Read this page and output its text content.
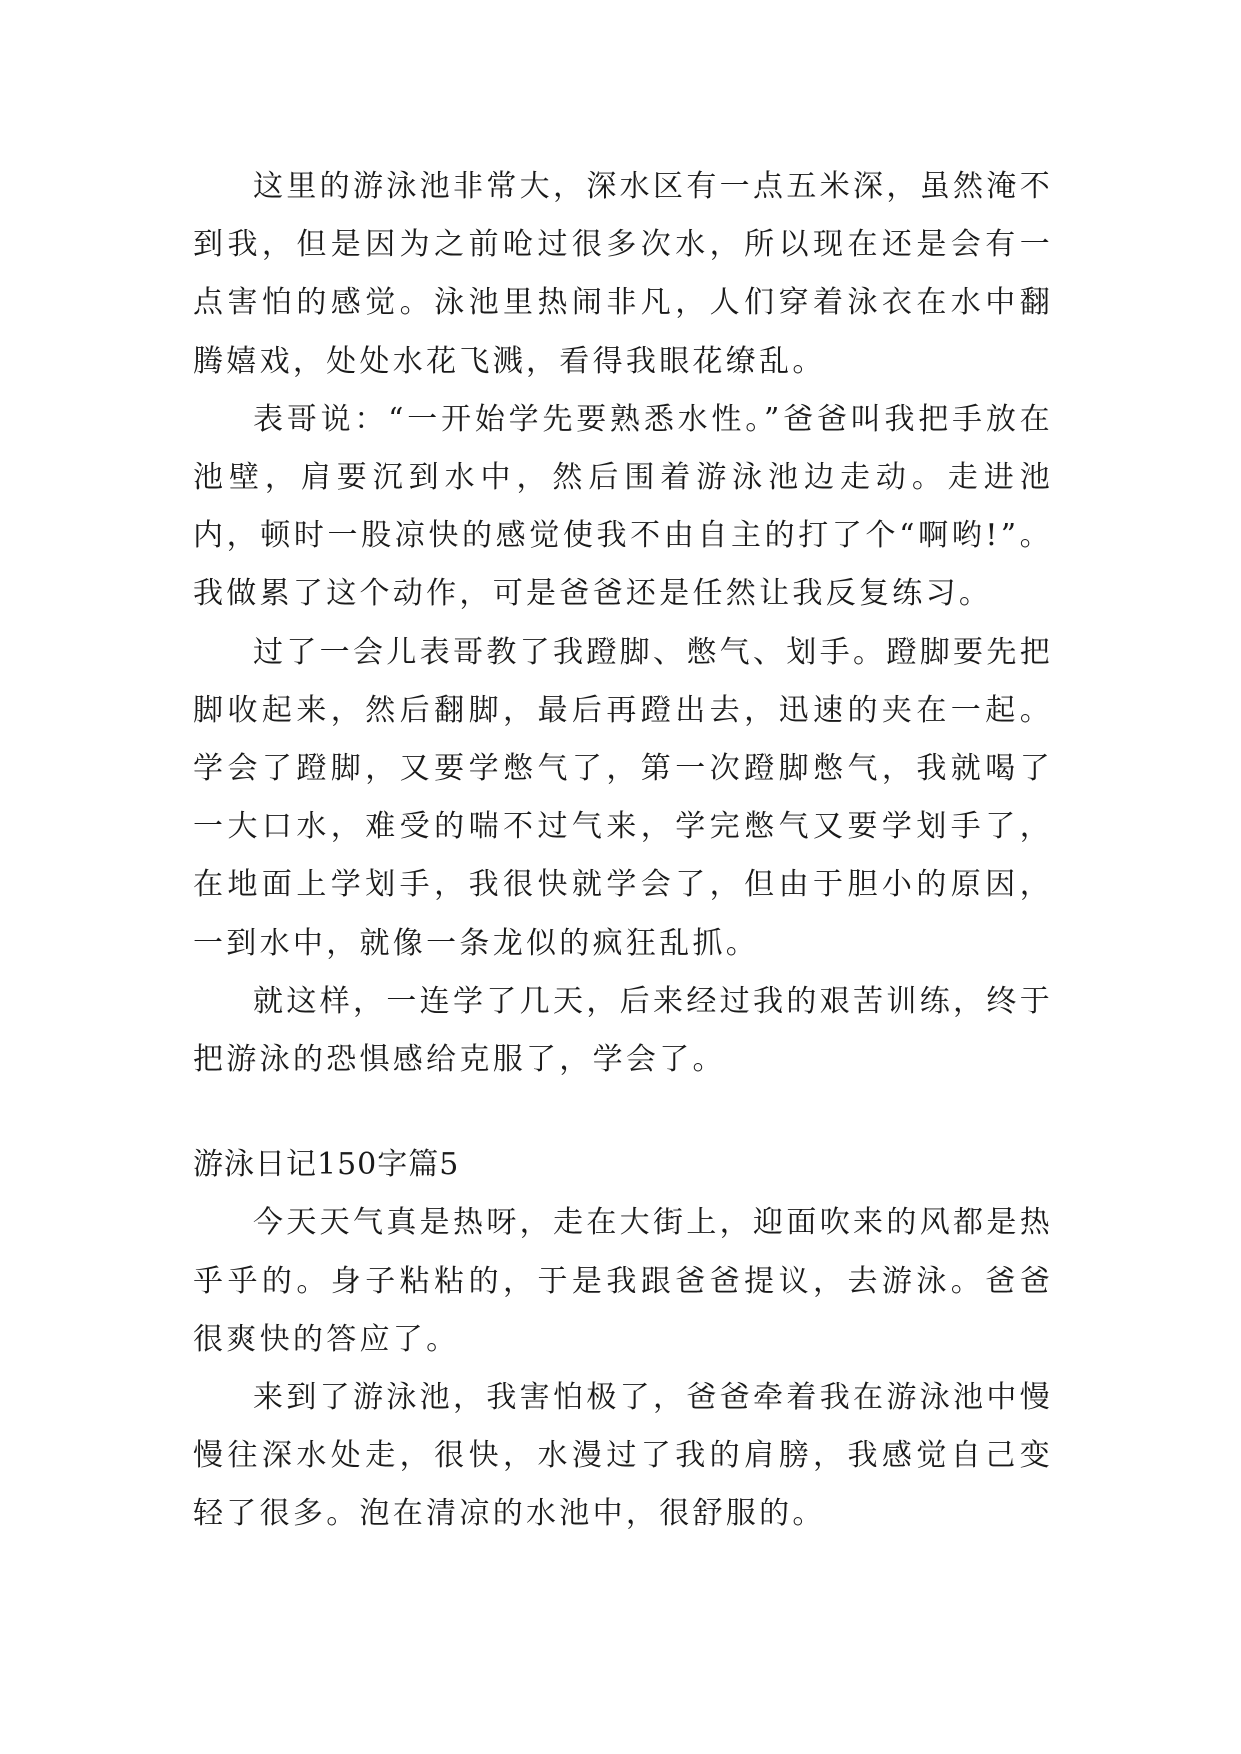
这里的游泳池非常大，深水区有一点五米深，虽然淹不到我，但是因为之前呛过很多次水，所以现在还是会有一点害怕的感觉。泳池里热闹非凡，人们穿着泳衣在水中翻腾嬉戏，处处水花飞溅，看得我眼花缭乱。

表哥说：“一开始学先要熟悉水性。”爸爸叫我把手放在池壁，肩要沉到水中，然后围着游泳池边走动。走进池内，顿时一股凉快的感觉使我不由自主的打了个“啊哟!”。我做累了这个动作，可是爸爸还是任然让我反复练习。

过了一会儿表哥教了我蹬脚、憋气、划手。蹬脚要先把脚收起来，然后翻脚，最后再蹬出去，迅速的夹在一起。学会了蹬脚，又要学憋气了，第一次蹬脚憋气，我就喝了一大口水，难受的喘不过气来，学完憋气又要学划手了，在地面上学划手，我很快就学会了，但由于胆小的原因，一到水中，就像一条龙似的疯狂乱抓。

就这样，一连学了几天，后来经过我的艰苦训练，终于把游泳的恐惧感给克服了，学会了。

游泳日记150字篇5

今天天气真是热呀，走在大街上，迎面吹来的风都是热乎乎的。身子粘粘的，于是我跟爸爸提议，去游泳。爸爸很爽快的答应了。

来到了游泳池，我害怕极了，爸爸牵着我在游泳池中慢慢往深水处走，很快，水漫过了我的肩膀，我感觉自己变轻了很多。泡在清凉的水池中，很舒服的。
